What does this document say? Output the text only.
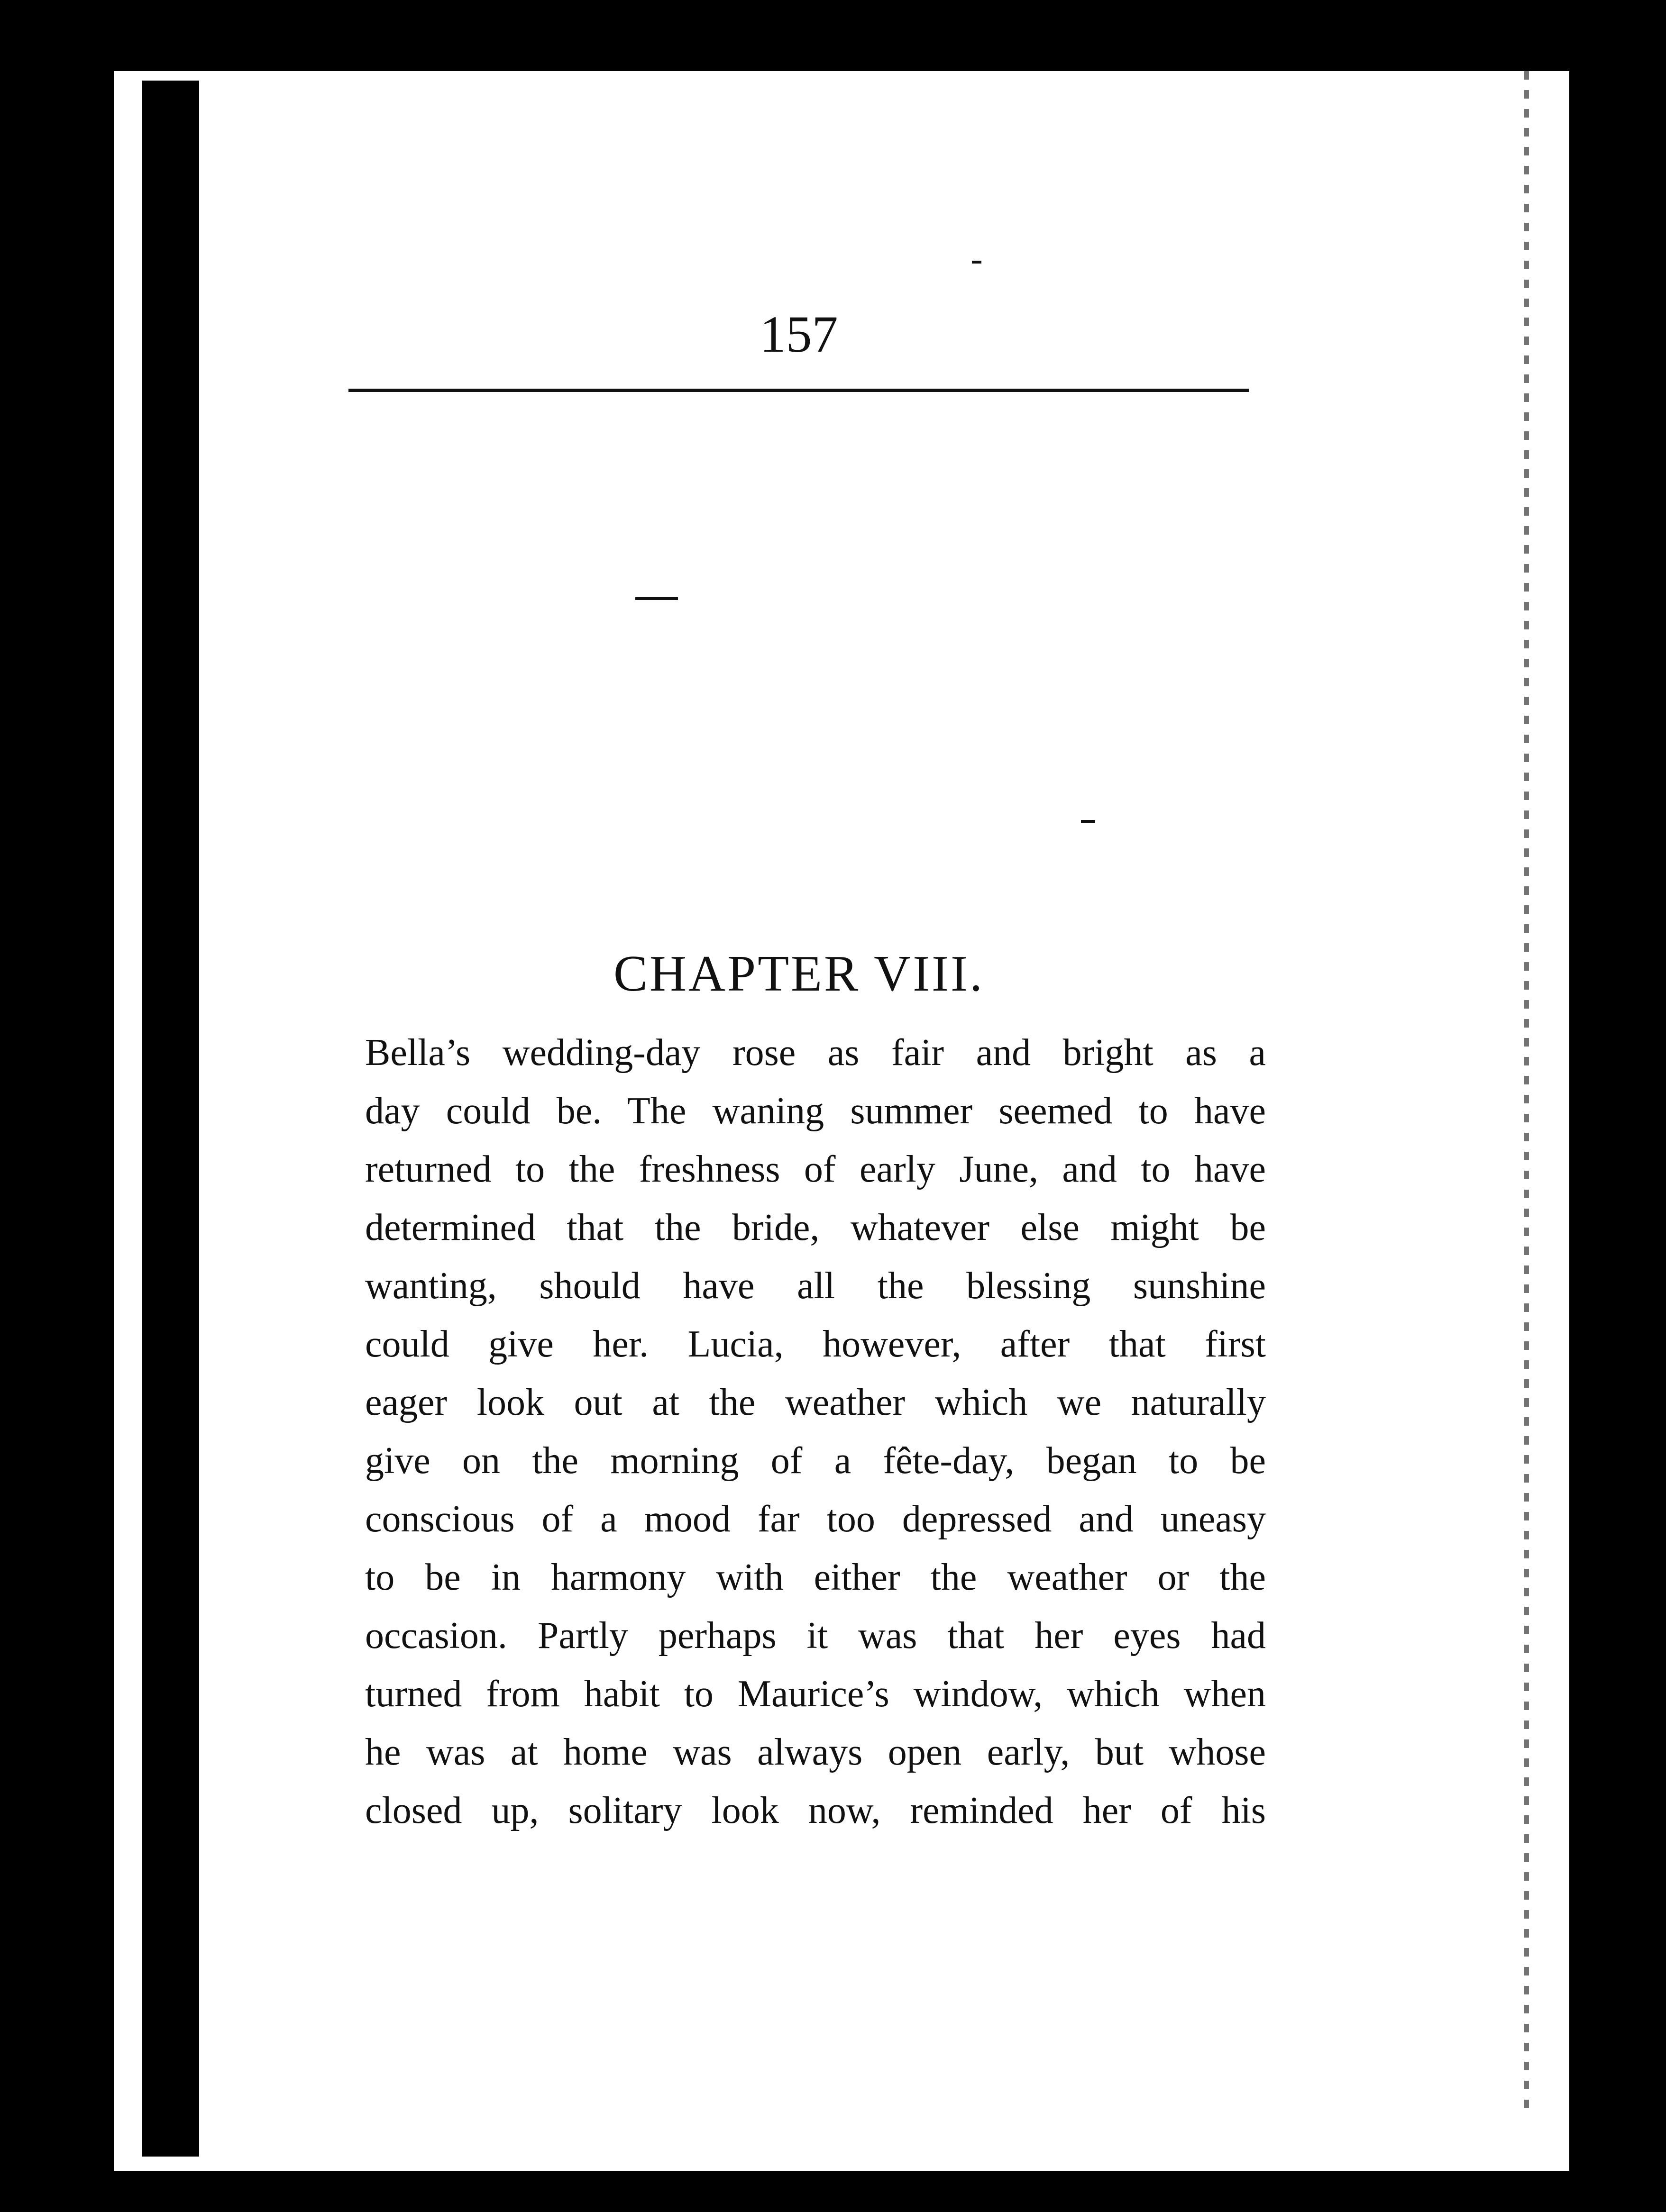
157
CHAPTER VIII.
Bella’s wedding-day rose as fair and bright as a
day could be. The waning summer seemed to have
returned to the freshness of early June, and to have
determined that the bride, whatever else might be
wanting, should have all the blessing sunshine
could give her. Lucia, however, after that first
eager look out at the weather which we naturally
give on the morning of a fête-day, began to be
conscious of a mood far too depressed and uneasy
to be in harmony with either the weather or the
occasion. Partly perhaps it was that her eyes had
turned from habit to Maurice’s window, which when
he was at home was always open early, but whose
closed up, solitary look now, reminded her of his
